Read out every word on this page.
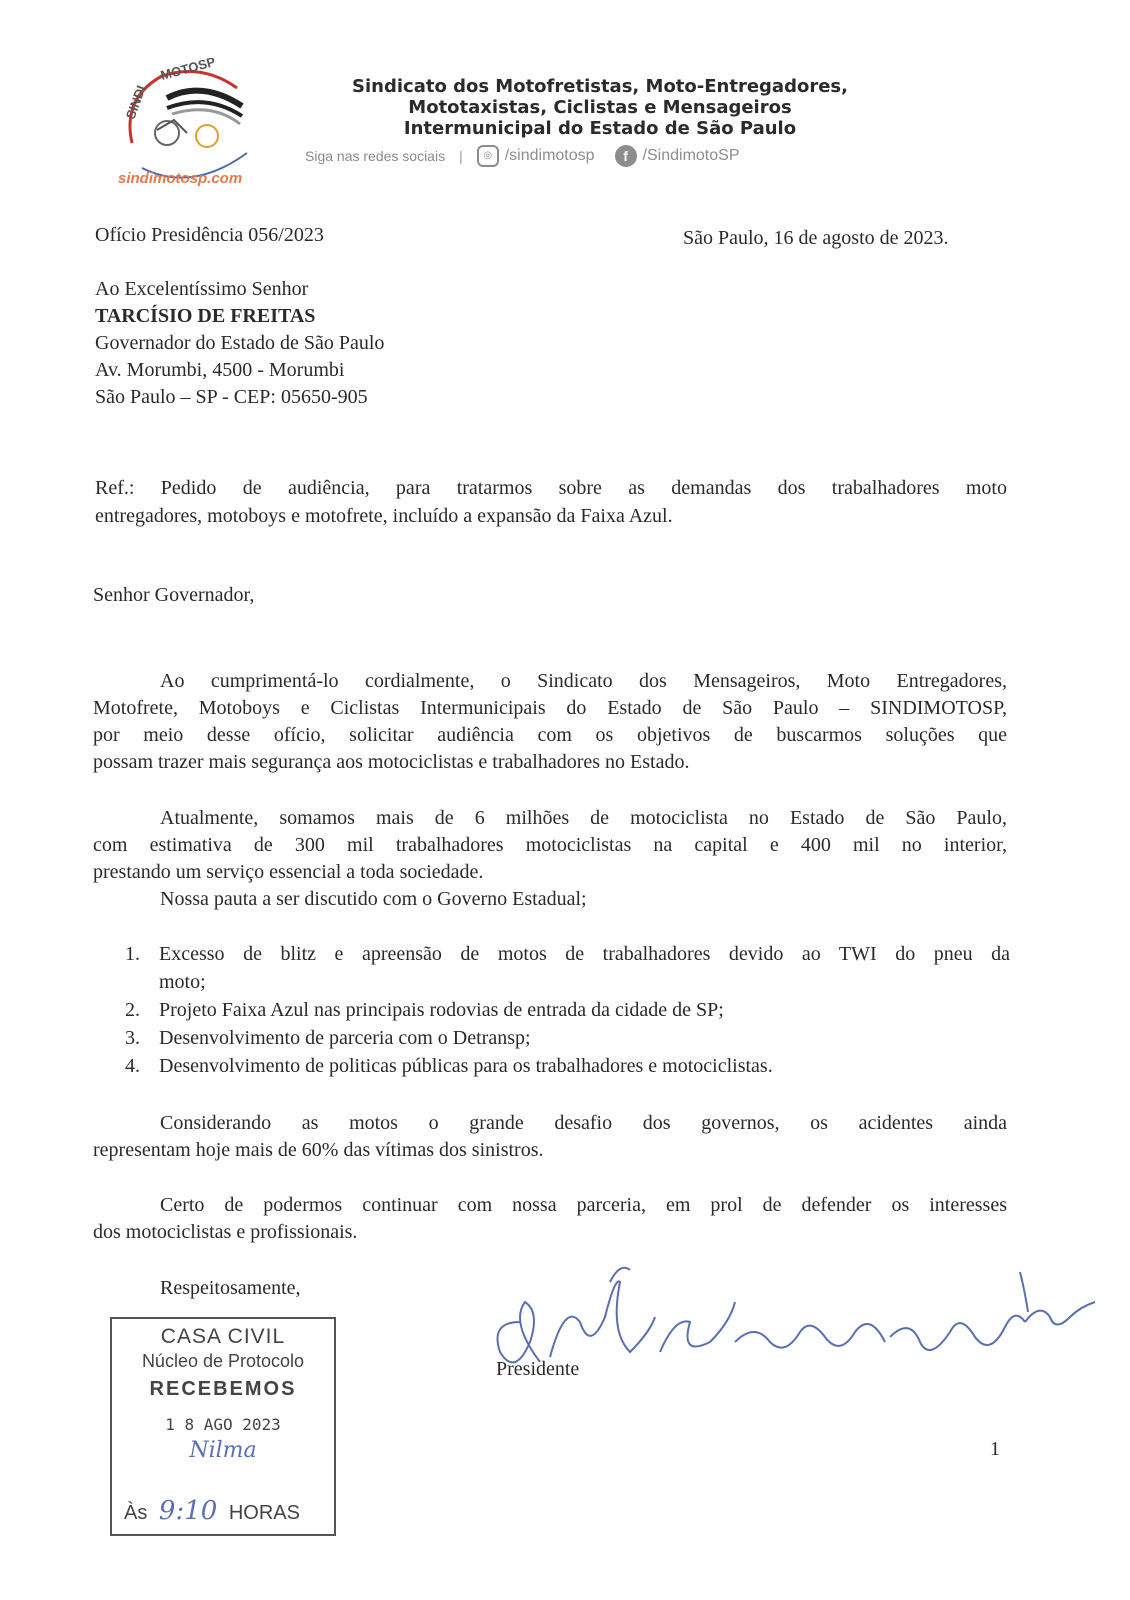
SINDI
MOTOSP
Sindicato dos Motofretistas, Moto-Entregadores,
Mototaxistas, Ciclistas e Mensageiros
Intermunicipal do Estado de São Paulo
Siga nas redes sociais |	◎ /sindimotosp	f /SindimotoSP
sindimotosp.com
Ofício Presidência 056/2023	São Paulo, 16 de agosto de 2023.
Ao Excelentíssimo Senhor
TARCÍSIO DE FREITAS
Governador do Estado de São Paulo
Av. Morumbi, 4500 - Morumbi
São Paulo – SP - CEP: 05650-905
Ref.: Pedido de audiência, para tratarmos sobre as demandas dos trabalhadores moto
entregadores, motoboys e motofrete, incluído a expansão da Faixa Azul.
Senhor Governador,
Ao cumprimentá-lo cordialmente, o Sindicato dos Mensageiros, Moto Entregadores,
Motofrete, Motoboys e Ciclistas Intermunicipais do Estado de São Paulo – SINDIMOTOSP,
por meio desse ofício, solicitar audiência com os objetivos de buscarmos soluções que
possam trazer mais segurança aos motociclistas e trabalhadores no Estado.
Atualmente, somamos mais de 6 milhões de motociclista no Estado de São Paulo,
com estimativa de 300 mil trabalhadores motociclistas na capital e 400 mil no interior,
prestando um serviço essencial a toda sociedade.
Nossa pauta a ser discutido com o Governo Estadual;
1. Excesso de blitz e apreensão de motos de trabalhadores devido ao TWI do pneu da
moto;
2. Projeto Faixa Azul nas principais rodovias de entrada da cidade de SP;
3. Desenvolvimento de parceria com o Detransp;
4. Desenvolvimento de politicas públicas para os trabalhadores e motociclistas.
Considerando as motos o grande desafio dos governos, os acidentes ainda
representam hoje mais de 60% das vítimas dos sinistros.
Certo de podermos continuar com nossa parceria, em prol de defender os interesses
dos motociclistas e profissionais.
Respeitosamente,
CASA CIVIL
Núcleo de Protocolo
RECEBEMOS
1 8 AGO 2023
Nilma
Às 9:10 HORAS
Presidente
1
